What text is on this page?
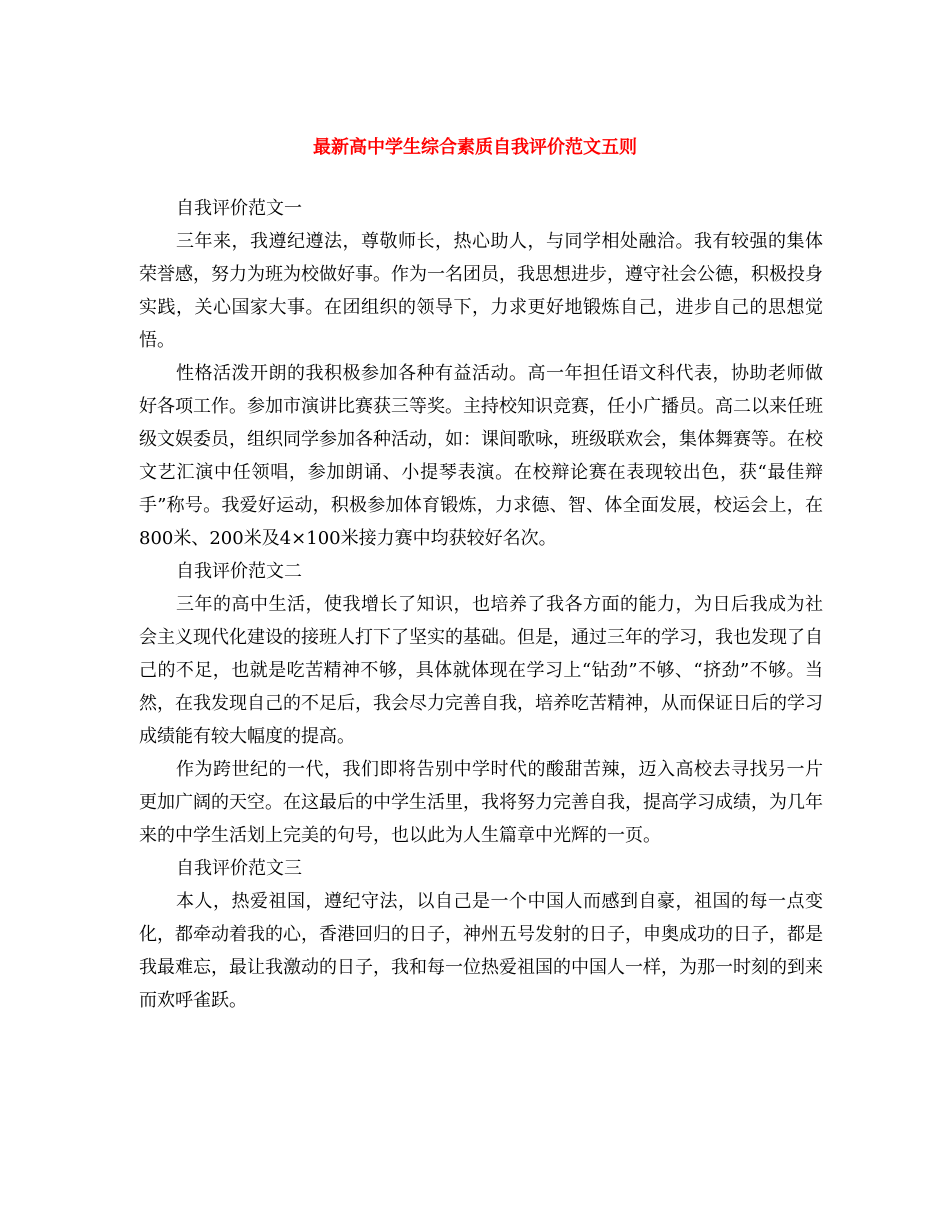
最新高中学生综合素质自我评价范文五则

自我评价范文一

三年来，我遵纪遵法，尊敬师长，热心助人，与同学相处融洽。我有较强的集体荣誉感，努力为班为校做好事。作为一名团员，我思想进步，遵守社会公德，积极投身实践，关心国家大事。在团组织的领导下，力求更好地锻炼自己，进步自己的思想觉悟。

性格活泼开朗的我积极参加各种有益活动。高一年担任语文科代表，协助老师做好各项工作。参加市演讲比赛获三等奖。主持校知识竞赛，任小广播员。高二以来任班级文娱委员，组织同学参加各种活动，如：课间歌咏，班级联欢会，集体舞赛等。在校文艺汇演中任领唱，参加朗诵、小提琴表演。在校辩论赛在表现较出色，获“最佳辩手”称号。我爱好运动，积极参加体育锻炼，力求德、智、体全面发展，校运会上，在800米、200米及4×100米接力赛中均获较好名次。

自我评价范文二

三年的高中生活，使我增长了知识，也培养了我各方面的能力，为日后我成为社会主义现代化建设的接班人打下了坚实的基础。但是，通过三年的学习，我也发现了自己的不足，也就是吃苦精神不够，具体就体现在学习上“钻劲”不够、“挤劲”不够。当然，在我发现自己的不足后，我会尽力完善自我，培养吃苦精神，从而保证日后的学习成绩能有较大幅度的提高。

作为跨世纪的一代，我们即将告别中学时代的酸甜苦辣，迈入高校去寻找另一片更加广阔的天空。在这最后的中学生活里，我将努力完善自我，提高学习成绩，为几年来的中学生活划上完美的句号，也以此为人生篇章中光辉的一页。

自我评价范文三

本人，热爱祖国，遵纪守法，以自己是一个中国人而感到自豪，祖国的每一点变化，都牵动着我的心，香港回归的日子，神州五号发射的日子，申奥成功的日子，都是我最难忘，最让我激动的日子，我和每一位热爱祖国的中国人一样，为那一时刻的到来而欢呼雀跃。
